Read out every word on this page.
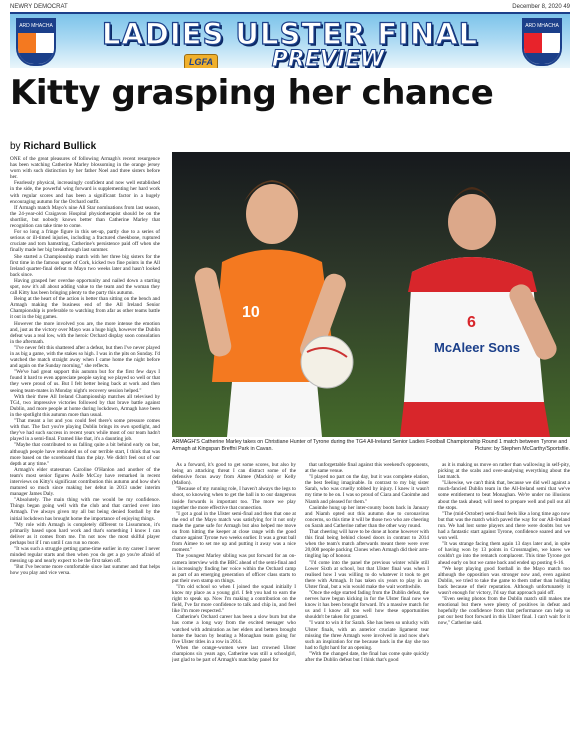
NEWRY DEMOCRAT	December 8, 2020 49
ARD MHACHA	LADIES ULSTER FINAL
LGFA	PREVIEW
ARD MHACHA
Kitty grasping her chance
by Richard Bullick

ONE of the great pleasures of following Armagh's recent resurgence has been watching Catherine Marley blossoming in the orange jersey worn with such distinction by her father Noel and three sisters before her.

Fearlessly physical, increasingly confident and now well established in the side, the powerful wing forward is supplementing her hard work with regular scores and has been a significant factor in a hugely encouraging autumn for the Orchard outfit.

If Armagh match Mayo's nine All Star nominations from last season, the 24-year-old Craigavon Hospital physiotherapist should be on the shortlist, but nobody knows better than Catherine Marley that recognition can take time to come.

For so long a fringe figure in this set-up, partly due to a series of serious or ill-timed injuries, including a fractured cheekbone, ruptured cruciate and torn hamstring, Catherine's persistence paid off when she finally made her big breakthrough last summer.

She started a Championship match with her three big sisters for the first time in the famous upset of Cork, kicked two fine points in the All Ireland quarter-final defeat to Mayo two weeks later and hasn't looked back since.

Having grasped her overdue opportunity and nailed down a starting spot, now it's all about adding value to the team and the woman they call Kitty has been bringing plenty to the party this autumn.

Being at the heart of the action is better than sitting on the bench and Armagh making the business end of the All Ireland Senior Championship is preferable to watching from afar as other teams battle it out in the big games.

However the more involved you are, the more intense the emotion and, just as the victory over Mayo was a huge high, however the Dublin defeat was a real low, with the heroic Orchard display soon consolation in the aftermath.

"I've never felt this shattered after a defeat, but then I've never played in as big a game, with the stakes so high. I was in the pits on Sunday. I'd watched the match straight away when I came home the night before and again on the Sunday morning," she reflects.

"We've had great support this autumn but for the first few days I found it hard to even appreciate people saying we played so well or that they were proud of us. But I felt better being back at work and then seeing team-mates in Monday night's recovery session helped."

With their three All Ireland Championship matches all televised by TG4, two impressive victories followed by that brave battle against Dublin, and more people at home during lockdown, Armagh have been in the spotlight this autumn more than usual.

"That meant a lot and you could feel there's some pressure comes with that. The fact you're playing Dublin brings its own spotlight, and they've had such success in recent years while most of our team hadn't played in a semi-final. Framed like that, it's a daunting job.

"Maybe that contributed to us falling quite a bit behind early on but, although people have reminded us of our terrible start, I think that was more based on the scoreboard than the play. We didn't feel out of our depth at any time."

Armagh's elder statesman Caroline O'Hanlon and another of the team's most senior figures Aoife McCoy have remarked in recent interviews on Kitty's significant contribution this autumn and how she's matured so much since making her debut in 2013 under interim manager James Daly.

"Absolutely. The main thing with me would be my confidence. Things began going well with the club and that carried over into Armagh. I've always given my all but being denied football by the initial lockdown has brought home the importance of enjoying things.

"My role with Armagh is completely different to Lissummon, it's primarily based upon hard work and that's something I know I can deliver as it comes from me. I'm not now the most skilful player perhaps but if I run until I can run no more.

"It was such a struggle getting game-time earlier in my career I never minded regular starts and then when you do get a go you're afraid of messing up and nearly expect to be the first taken off.

"But I've become more comfortable since last summer and that helps how you play and vice versa.

10
6
McAleer Sons
ARMAGH'S Catherine Marley takes on Christiane Hunter of Tyrone during the TG4 All-Ireland Senior Ladies Football Championship Round 1 match between Tyrone and Armagh at Kingspan Breffni Park in Cavan.	Picture: by Stephen McCarthy/Sportsfile.

As a forward, it's good to get some scores, but also by being an attacking threat I can distract some of the defensive focus away from Aimee (Mackin) or Kelly (Mallon).

"Because of my running role, I haven't always the legs to shoot, so knowing when to get the ball in to our dangerous inside forwards is important too. The more we play together the more effective that connection.

"I got a goal in the Ulster semi-final and then that one at the end of the Mayo match was satisfying for it not only made the game safe for Armagh but also helped me move on from hitting the keeper at close range with the good chance against Tyrone two weeks earlier. It was a great ball from Aimee to set me up and putting it away was a nice moment."

The youngest Marley sibling was put forward for an on-camera interview with the BBC ahead of the semi-final and is increasingly finding her voice within the Orchard camp as part of an emerging generation of officer class starts to put their own stamp on things.

"I'm old school so when I joined the squad initially I know my place as a young girl. I felt you had to earn the right to speak up. Now I'm making a contribution on the field, I've far more confidence to talk and chip in, and feel like I'm more respected."

Catherine's Orchard career has been a slow burn but she has come a long way from the excited teenager who watched with admiration as her elders and betters brought home the bacon by beating a Monaghan team going for five Ulster titles in a row in 2014.

When the orange-women were last crowned Ulster champions six years ago, Catherine was still a schoolgirl, just glad to be part of Armagh's matchday panel for

that unforgettable final against this weekend's opponents, at the same venue.

"I played no part on the day, but it was complete elation, the best feeling imaginable. In contrast to my big sister Sarah, who was cruelly robbed by injury. I knew it wasn't my time to be on. I was so proud of Ciara and Caoimhe and Niamh and pleased for them."

Caoimhe hung up her inter-county boots back in January and Niamh opted out this autumn due to coronavirus concerns, so this time it will be those two who are cheering on Sarah and Catherine rather than the other way round.

That cheering will have to be done at home however with this final being behind closed doors in contrast to 2014 when the team's match afterwards meant there were over 20,000 people packing Clones when Armagh did their arm-tingling lap of honour.

"I'd come into the panel the previous winter while still Lower Sixth at school, but that Ulster final was when I realised how I was willing to do whatever it took to get there with Armagh. It has taken six years to play in an Ulster final, but a win would make the wait worthwhile.

"Once the edge started fading from the Dublin defeat, the nerves have begun kicking in for the Ulster final now we know it has been brought forward. It's a massive match for us and I know all too well how these opportunities shouldn't be taken for granted.

"I want to win it for Sarah. She has been so unlucky with Ulster finals, with an anterior cruciate ligament tear missing the three Armagh were involved in and now she's such an inspiration for me because back in the day she too had to fight hard for an opening.

"With the changed date, the final has come quite quickly after the Dublin defeat but I think that's good

as it is making us move on rather than wallowing in self-pity, picking at the scabs and over-analysing everything about the last match.

"Likewise, we can't think that, because we did well against a much-fancied Dublin team in the All-Ireland semi that we've some entitlement to beat Monaghan. We're under no illusions about the task ahead; will need to prepare well and pull out all the stops.

"The (mid-October) semi-final feels like a long time ago now but that was the match which paved the way for our All-Ireland run. We had lost some players and there were doubts but we had a fantastic start against Tyrone, confidence soared and we won well.

"It was strange facing them again 13 days later and, in spite of having won by 13 points in Crossmaglen, we knew we couldn't go into the rematch complacent. This time Tyrone got ahead early on but we came back and ended up posting 6-16.

"We kept playing good football in the Mayo match too although the opposition was stronger now and, even against Dublin, we tried to take the game to them rather than holding back because of their reputation. Although unfortunately it wasn't enough for victory, I'd say that approach paid off.

"Even seeing photos from the Dublin match still makes me emotional but there were plenty of positives in defeat and hopefully the confidence from that performance can help us put our best foot forward in this Ulster final. I can't wait for it now," Catherine said.
